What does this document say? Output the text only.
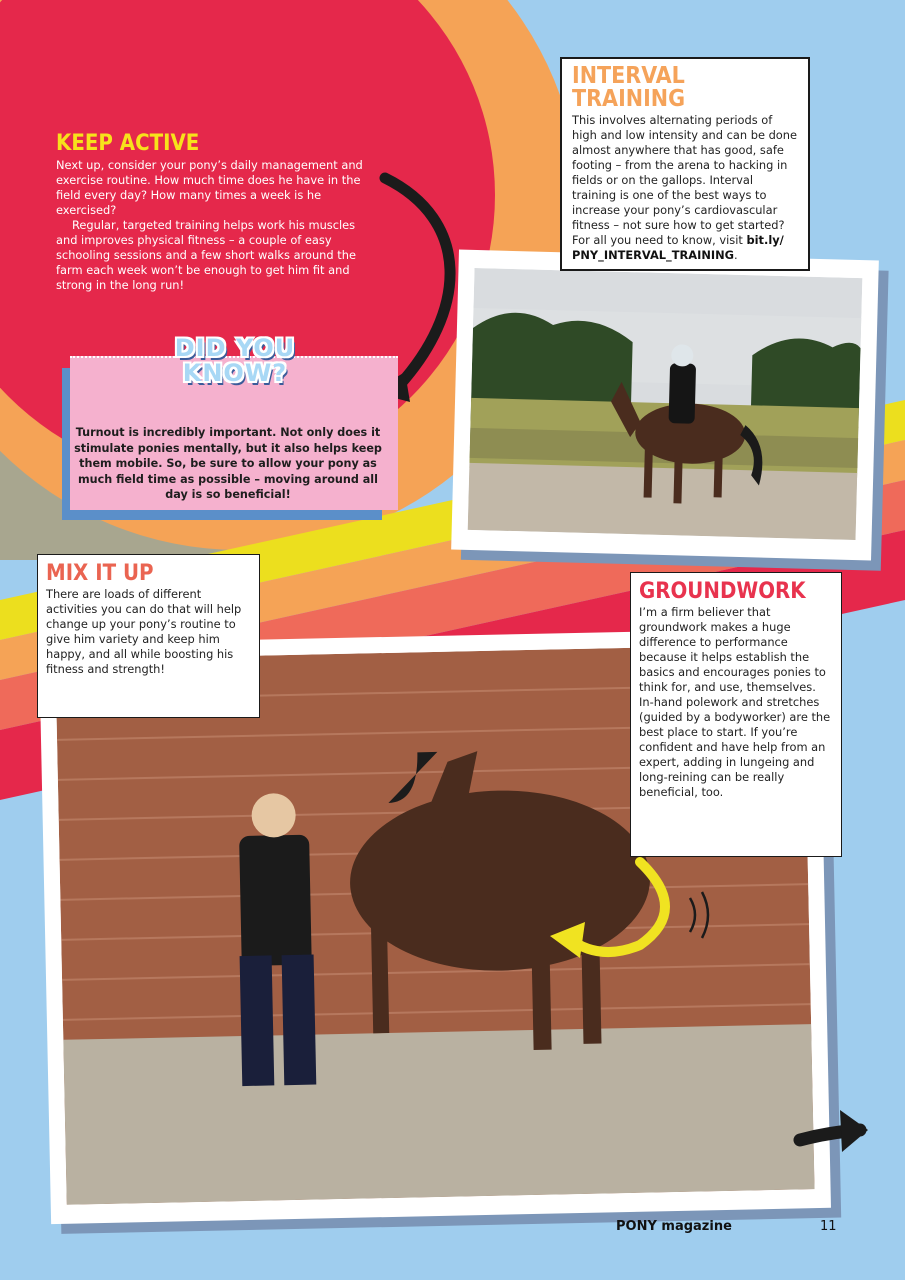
KEEP ACTIVE

Next up, consider your pony’s daily management and exercise routine. How much time does he have in the field every day? How many times a week is he exercised?

Regular, targeted training helps work his muscles and improves physical fitness – a couple of easy schooling sessions and a few short walks around the farm each week won’t be enough to get him fit and strong in the long run!

DID YOU
KNOW?
Turnout is incredibly important. Not only does it stimulate ponies mentally, but it also helps keep them mobile. So, be sure to allow your pony as much field time as possible – moving around all day is so beneficial!
INTERVAL TRAINING

This involves alternating periods of high and low intensity and can be done almost anywhere that has good, safe footing – from the arena to hacking in fields or on the gallops. Interval training is one of the best ways to increase your pony’s cardiovascular fitness – not sure how to get started? For all you need to know, visit bit.ly/ PNY_INTERVAL_TRAINING.

MIX IT UP

There are loads of different activities you can do that will help change up your pony’s routine to give him variety and keep him happy, and all while boosting his fitness and strength!

GROUNDWORK

I’m a firm believer that groundwork makes a huge difference to performance because it helps establish the basics and encourages ponies to think for, and use, themselves. In-hand polework and stretches (guided by a bodyworker) are the best place to start. If you’re confident and have help from an expert, adding in lungeing and long-reining can be really beneficial, too.

PONY magazine	11
